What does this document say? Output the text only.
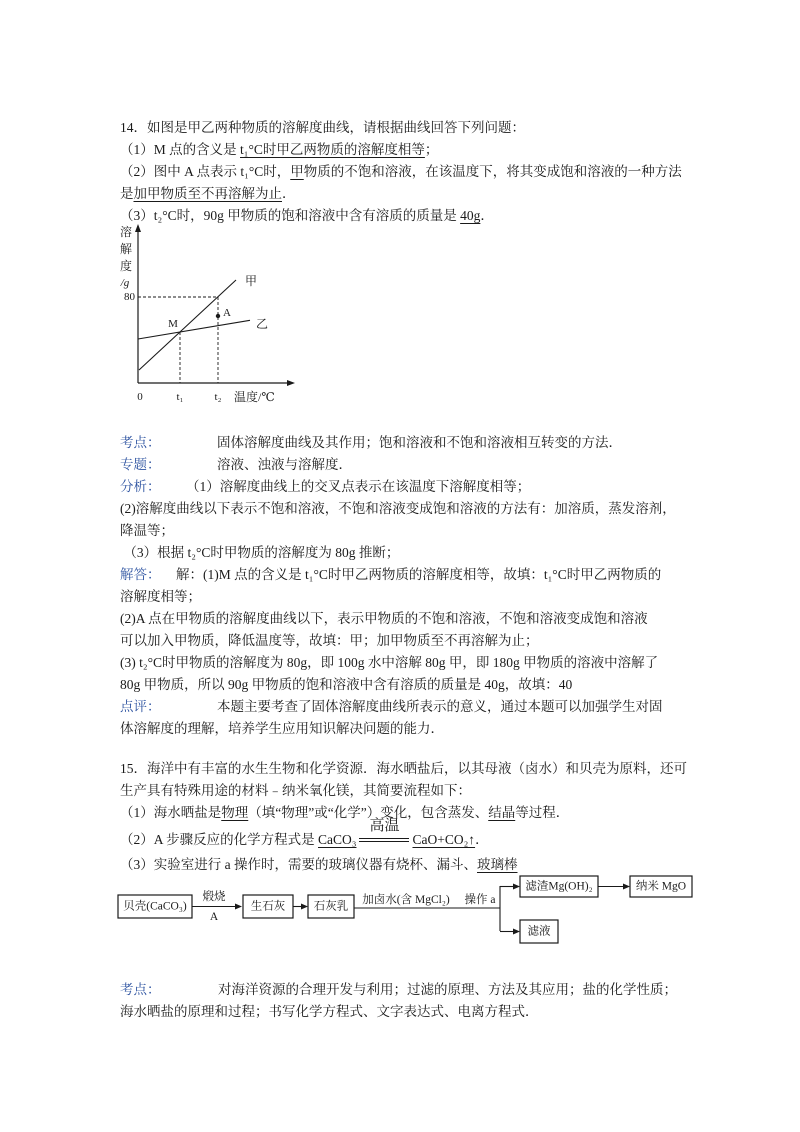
14．如图是甲乙两种物质的溶解度曲线，请根据曲线回答下列问题：
（1）M 点的含义是 t₁°C时甲乙两物质的溶解度相等；
（2）图中 A 点表示 t₁°C时，甲物质的不饱和溶液，在该温度下，将其变成饱和溶液的一种方法
是加甲物质至不再溶解为止．
（3）t₂°C时，90g 甲物质的饱和溶液中含有溶质的质量是 40g．
溶
解
度
/g
80
0	t₁	t₂ 温度/℃
甲
乙
M
A
考点：	固体溶解度曲线及其作用；饱和溶液和不饱和溶液相互转变的方法．
专题：	溶液、浊液与溶解度．
分析： （1）溶解度曲线上的交叉点表示在该温度下溶解度相等；
(2)溶解度曲线以下表示不饱和溶液，不饱和溶液变成饱和溶液的方法有：加溶质，蒸发溶剂，
降温等；
（3）根据 t₂°C时甲物质的溶解度为 80g 推断；
解答： 解：(1)M 点的含义是 t₁°C时甲乙两物质的溶解度相等，故填：t₁°C时甲乙两物质的
溶解度相等；
(2)A 点在甲物质的溶解度曲线以下，表示甲物质的不饱和溶液，不饱和溶液变成饱和溶液
可以加入甲物质，降低温度等，故填：甲；加甲物质至不再溶解为止；
(3) t₂°C时甲物质的溶解度为 80g，即 100g 水中溶解 80g 甲，即 180g 甲物质的溶液中溶解了
80g 甲物质，所以 90g 甲物质的饱和溶液中含有溶质的质量是 40g，故填：40
点评：	本题主要考查了固体溶解度曲线所表示的意义，通过本题可以加强学生对固
体溶解度的理解，培养学生应用知识解决问题的能力．
15．海洋中有丰富的水生生物和化学资源．海水晒盐后，以其母液（卤水）和贝壳为原料，还可
生产具有特殊用途的材料﹣纳米氧化镁，其简要流程如下：
（1）海水晒盐是物理（填“物理”或“化学”）变化，包含蒸发、结晶等过程．
（2）A 步骤反应的化学方程式是 CaCO₃
高温
CaO+CO₂↑．
（3）实验室进行 a 操作时，需要的玻璃仪器有烧杯、漏斗、玻璃棒
贝壳(CaCO₃)
煅烧
A
生石灰 石灰乳
加卤水(含 MgCl₂) 操作 a
滤渣Mg(OH)₂	纳米 MgO
滤液
考点：	对海洋资源的合理开发与利用；过滤的原理、方法及其应用；盐的化学性质；
海水晒盐的原理和过程；书写化学方程式、文字表达式、电离方程式．
